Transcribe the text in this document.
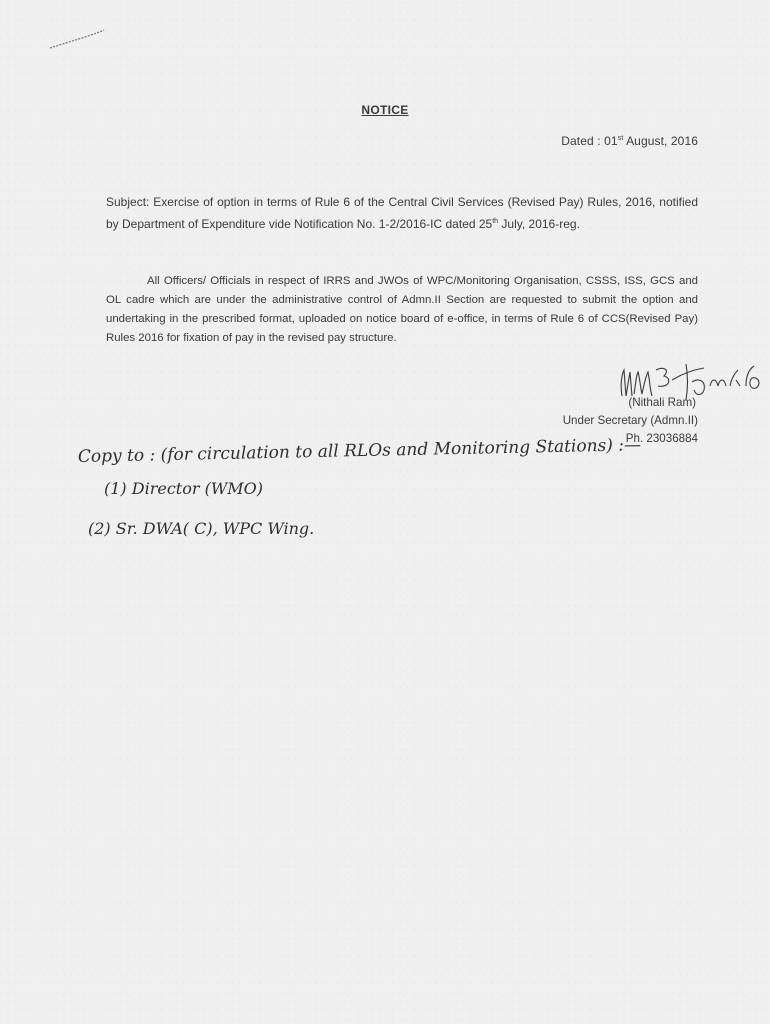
NOTICE
Dated : 01st August, 2016
Subject: Exercise of option in terms of Rule 6 of the Central Civil Services (Revised Pay) Rules, 2016, notified by Department of Expenditure vide Notification No. 1-2/2016-IC dated 25th July, 2016-reg.
All Officers/ Officials in respect of IRRS and JWOs of WPC/Monitoring Organisation, CSSS, ISS, GCS and OL cadre which are under the administrative control of Admn.II Section are requested to submit the option and undertaking in the prescribed format, uploaded on notice board of e-office, in terms of Rule 6 of CCS(Revised Pay) Rules 2016 for fixation of pay in the revised pay structure.
(Nithali Ram)
Under Secretary (Admn.II)
Ph. 23036884
Copy to : (for circulation to all RLOs and Monitoring Stations) :—
(1) Director (WMO)
(2) Sr. DWA( C), WPC Wing.
